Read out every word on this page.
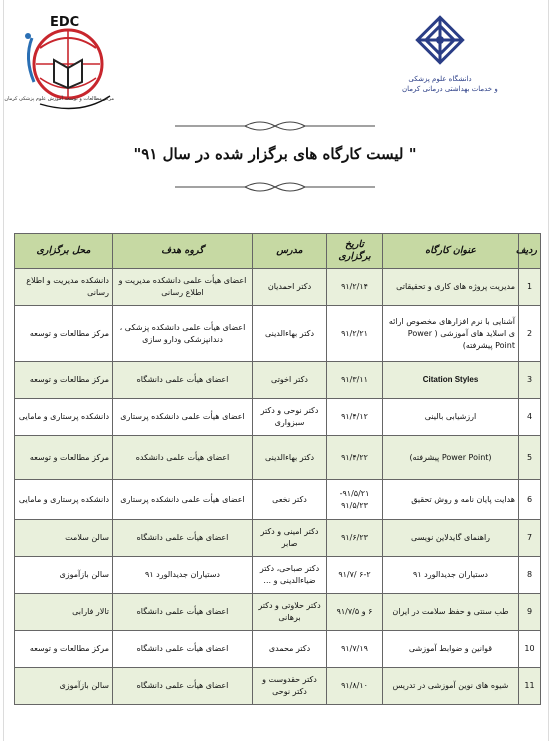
EDC
دانشگاه علوم پزشکی
و خدمات بهداشتی درمانی کرمان
" لیست کارگاه های برگزار شده در سال ۹۱"
ردیف	عنوان کارگاه	تاریخ برگزاری	مدرس	گروه هدف	محل برگزاری
1	مدیریت پروژه های کاری و تحقیقاتی	۹۱/۲/۱۴	دکتر احمدیان	اعضای هیأت علمی دانشکده مدیریت و اطلاع رسانی	دانشکده مدیریت و اطلاع رسانی
2	آشنایی با نرم افزارهای مخصوص ارائه ی اسلاید های آموزشی ( Power Point پیشرفته)	۹۱/۲/۲۱	دکتر بهاءالدینی	اعضای هیأت علمی دانشکده پزشکی ، دندانپزشکی ودارو سازی	مرکز مطالعات و توسعه
3	Citation Styles	۹۱/۳/۱۱	دکتر اخوتی	اعضای هیأت علمی دانشگاه	مرکز مطالعات و توسعه
4	ارزشیابی بالینی	۹۱/۴/۱۲	دکتر نوحی و دکتر سبزواری	اعضای هیأت علمی دانشکده پرستاری	دانشکده پرستاری و مامایی
5	(Power Point پیشرفته)	۹۱/۴/۲۲	دکتر بهاءالدینی	اعضای هیأت علمی دانشکده	مرکز مطالعات و توسعه
6	هدایت پایان نامه و روش تحقیق	۹۱/۵/۲۱- ۹۱/۵/۲۳	دکتر نخعی	اعضای هیأت علمی دانشکده پرستاری	دانشکده پرستاری و مامایی
7	راهنمای گایدلاین نویسی	۹۱/۶/۲۳	دکتر امینی و دکتر صابر	اعضای هیأت علمی دانشگاه	سالن سلامت
8	دستیاران جدیدالورد ۹۱	۶-۲ /۹۱/۷	دکتر صباحی، دکتر ضیاءالدینی و ...	دستیاران جدیدالورد ۹۱	سالن بازآموزی
9	طب سنتی و حفظ سلامت در ایران	۶ و ۹۱/۷/۵	دکتر حلاوتی و دکتر برهانی	اعضای هیأت علمی دانشگاه	تالار فارابی
10	قوانین و ضوابط آموزشی	۹۱/۷/۱۹	دکتر محمدی	اعضای هیأت علمی دانشگاه	مرکز مطالعات و توسعه
11	شیوه های نوین آموزشی در تدریس	۹۱/۸/۱۰	دکتر حقدوست و دکتر نوحی	اعضای هیأت علمی دانشگاه	سالن بازآموزی
مرکز مطالعات و توسعه آموزش علوم پزشکی کرمان
